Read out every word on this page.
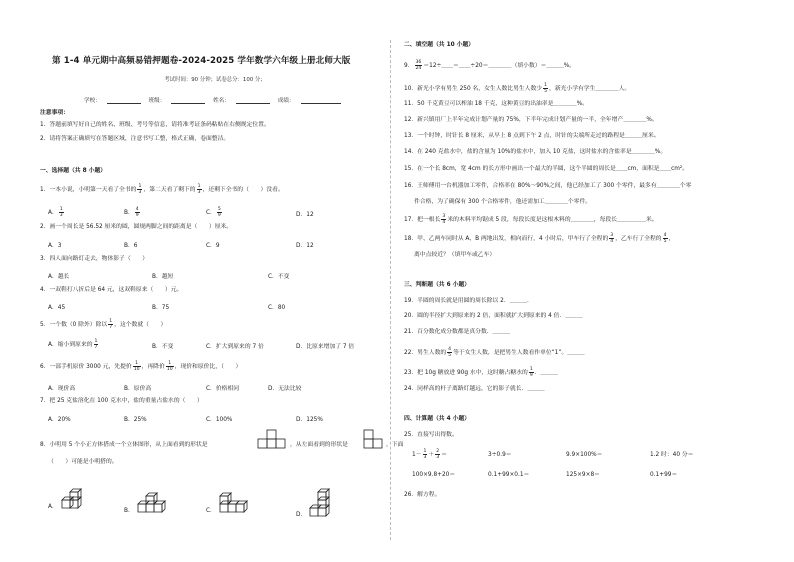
第 1-4 单元期中高频易错押题卷-2024-2025 学年数学六年级上册北师大版
考试时间：90 分钟；试卷总分：100 分；
学校：	班级：	姓名：	成绩：
注意事项：
1．答题前填写好自己的姓名、班级、考号等信息，请将准考证条码粘贴在右侧规定位置。
2．请将答案正确填写在答题区域，注意书写工整，格式正确，卷面整洁。
一、选择题（共 8 小题）
1．一本小说，小明第一天看了全书的 $\frac{1}{3}$ ，第二天看了剩下的 $\frac{1}{3}$ ，还剩下全书的（　　）没看。
A． $\frac{1}{3}$	B． $\frac{4}{9}$	C． $\frac{5}{9}$	D．12
2．画一个周长是 56.52 厘米的圆，圆规两脚之间的距离是（　　）厘米。
A．3	B．6	C．9	D．12
3．四人面向路灯走去，物体影子（　　）
A．越长	B．越短	C．不变
4．一双鞋打八折后是 64 元，这双鞋原来（　　）元。
A．45	B．75	C．80
5．一个数（0 除外）除以 $\frac{1}{7}$ ，这个数就（　　）
A．缩小到原来的 $\frac{1}{7}$	B．不变	C．扩大到原来的 7 倍	D．比原来增加了 7 倍
6．一部手机原价 3000 元，先提价 $\frac{1}{10}$ ，再降价 $\frac{1}{10}$ ，现价和原价比，（　　）
A．现价高	B．原价高	C．价格相同	D．无法比较
7．把 25 克盐溶化在 100 克水中，盐的重量占盐水的（　　）
A．20%	B．25%	C．100%	D．125%
8．小明用 5 个小正方体搭成一个立体图形，从上面看到的形状是	，从左面看到的形状是	，下面
（　　）可能是小明搭的。
A．
B．	C．
D．
二、填空题（共 10 小题）
9． $\frac{36}{24}$ ＝12÷＿＿＝＿＿÷20＝＿＿＿＿（填小数）＝＿＿＿%。
10．新光小学有男生 250 名，女生人数比男生人数少 $\frac{1}{5}$ ，新光小学有学生＿＿＿＿人。
11．50 千克黄豆可以榨油 18 千克，这种黄豆的出油率是＿＿＿＿%。
12．新兴镇用厂上半年完成计划产量的 75%，下半年完成计划产量的一半，全年增产＿＿＿＿%。
13．一个时钟，时针长 8 厘米，从早上 8 点到下午 2 点，时针的尖端所走过的路程是＿＿＿厘米。
14．在 240 克盐水中，盐的含量为 10%的盐水中，加入 10 克盐，这时盐水的含盐率是＿＿＿＿%。
15．在一个长 8cm，宽 4cm 的长方形中画出一个最大的半圆，这个半圆的周长是＿＿cm，面积是＿＿cm²。
16．王师傅用一台机器加工零件，合格率在 80%～90%之间，他已经加工了 300 个零件，最多有＿＿＿＿个零
件合格，为了确保有 300 个合格零件，他还需加工＿＿＿＿个零件。
17．把一根长 $\frac{3}{4}$ 米的木料平均锯成 5 段，每段长度是这根木料的＿＿＿＿，每段长＿＿＿＿＿米。
18．甲、乙两车同时从 A、B 两地出发，相向而行，4 小时后，甲车行了全程的 $\frac{3}{4}$ ，乙车行了全程的 $\frac{4}{5}$ ，
离中点较近？（填甲车或乙车）
三、判断题（共 6 小题）
19．半圆的周长就是用圆的周长除以 2．＿＿＿．
20．圆的半径扩大到原来的 2 倍，面积就扩大到原来的 4 倍．＿＿＿
21．百分数化成分数都是真分数．＿＿＿
22．男生人数的 $\frac{4}{5}$ 等于女生人数，是把男生人数看作单位“1”。＿＿＿
23．把 10g 糖放进 90g 水中，这时糖占糖水的 $\frac{1}{9}$ ．＿＿＿
24．同样高的杆子离路灯越远，它的影子就长．＿＿＿
四、计算题（共 4 小题）
25．直接写出得数。
$1- \frac{1}{3} + \frac{2}{3}$ ＝	3÷0.9＝	9.9×100%＝	1.2 时：40 分＝
100×9.8+20＝	0.1+99×0.1＝	125×9×8＝	0.1+99＝
26．解方程。
